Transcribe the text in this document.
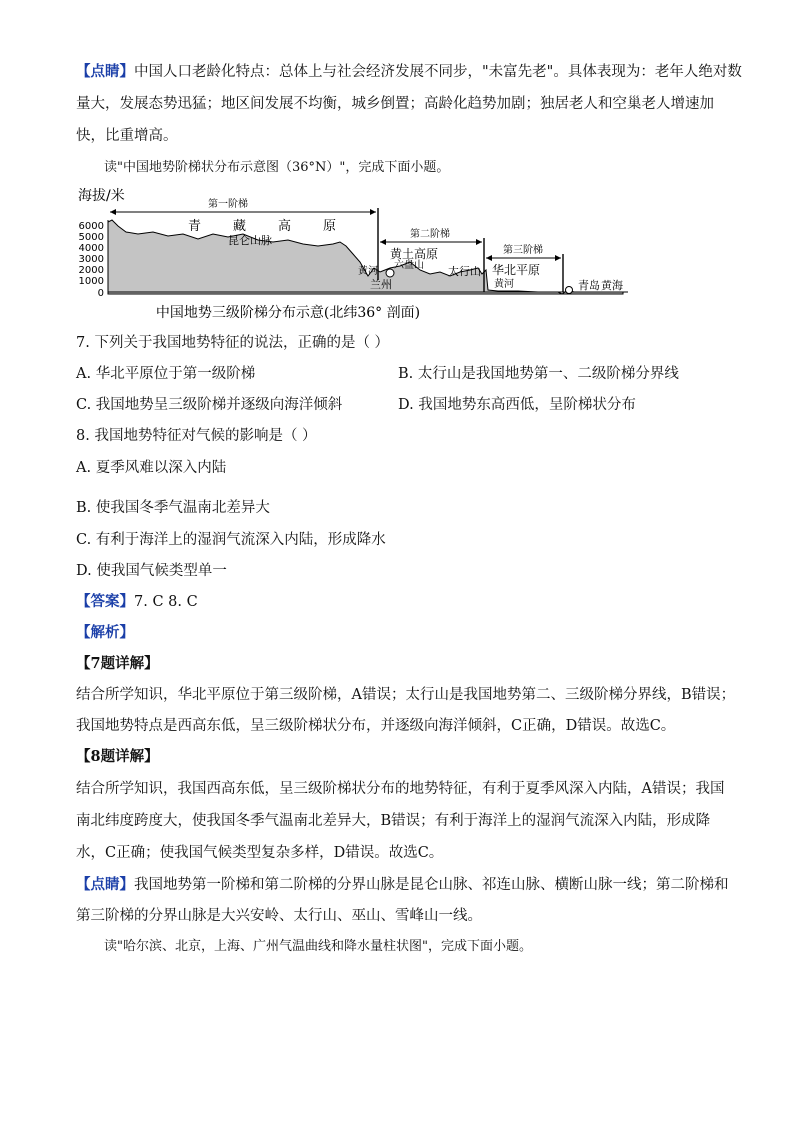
【点睛】中国人口老龄化特点：总体上与社会经济发展不同步，"未富先老"。具体表现为：老年人绝对数
量大，发展态势迅猛；地区间发展不均衡，城乡倒置；高龄化趋势加剧；独居老人和空巢老人增速加
快，比重增高。
读"中国地势阶梯状分布示意图（36°N）"，完成下面小题。
海拔/米
6000
5000
4000
3000
2000
1000
0
第一阶梯
第二阶梯
第三阶梯
青 藏 高 原
昆仑山脉
黄土高原
六盘山 太行山 华北平原
黄河
黄河
兰州	青岛 黄海
中国地势三级阶梯分布示意(北纬36° 剖面)
7. 下列关于我国地势特征的说法，正确的是（ ）
A. 华北平原位于第一级阶梯	B. 太行山是我国地势第一、二级阶梯分界线
C. 我国地势呈三级阶梯并逐级向海洋倾斜	D. 我国地势东高西低，呈阶梯状分布
8. 我国地势特征对气候的影响是（ ）
A. 夏季风难以深入内陆
B. 使我国冬季气温南北差异大
C. 有利于海洋上的湿润气流深入内陆，形成降水
D. 使我国气候类型单一
【答案】7. C 8. C
【解析】
【7题详解】
结合所学知识，华北平原位于第三级阶梯，A错误；太行山是我国地势第二、三级阶梯分界线，B错误；
我国地势特点是西高东低，呈三级阶梯状分布，并逐级向海洋倾斜，C正确，D错误。故选C。
【8题详解】
结合所学知识，我国西高东低，呈三级阶梯状分布的地势特征，有利于夏季风深入内陆，A错误；我国
南北纬度跨度大，使我国冬季气温南北差异大，B错误；有利于海洋上的湿润气流深入内陆，形成降
水，C正确；使我国气候类型复杂多样，D错误。故选C。
【点睛】我国地势第一阶梯和第二阶梯的分界山脉是昆仑山脉、祁连山脉、横断山脉一线；第二阶梯和
第三阶梯的分界山脉是大兴安岭、太行山、巫山、雪峰山一线。
读"哈尔滨、北京，上海、广州气温曲线和降水量柱状图"，完成下面小题。
